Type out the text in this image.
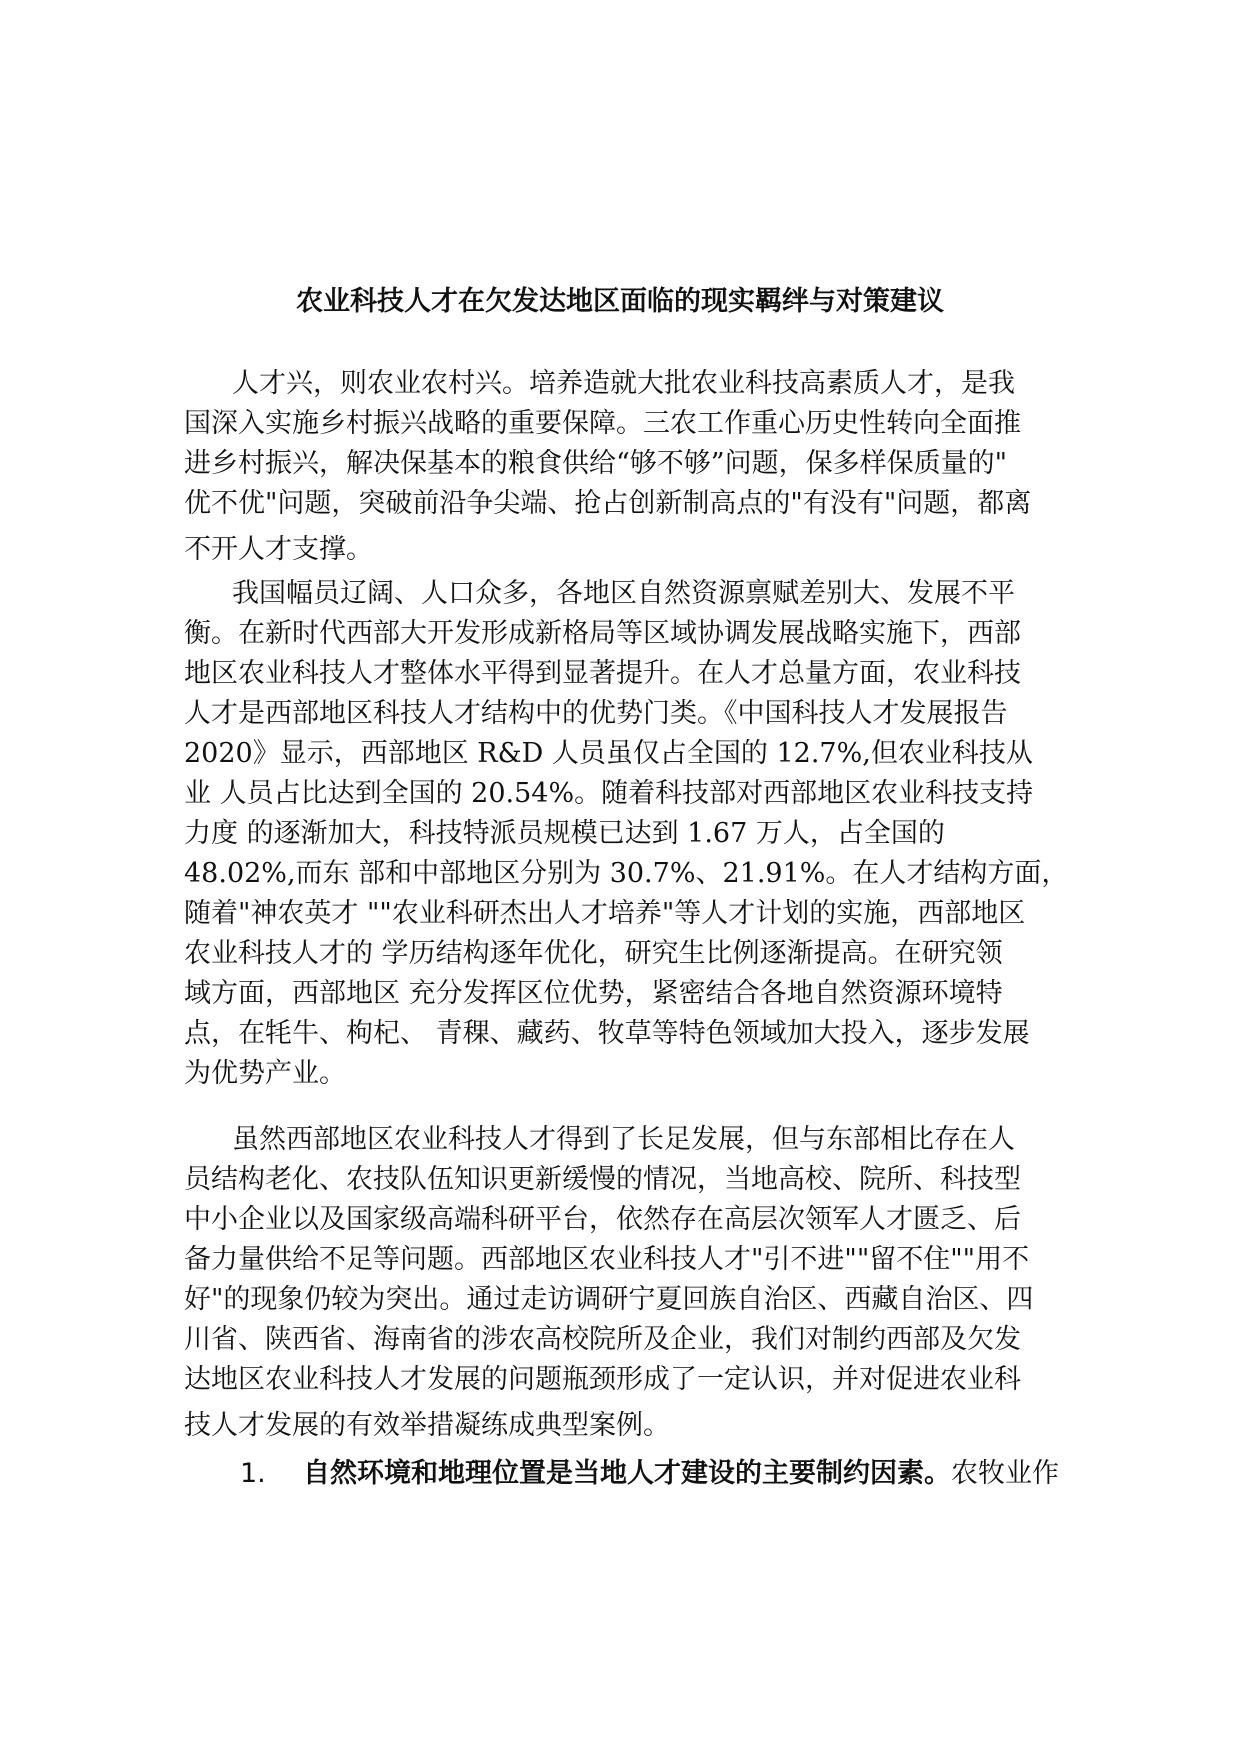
农业科技人才在欠发达地区面临的现实羁绊与对策建议

人才兴，则农业农村兴。培养造就大批农业科技高素质人才，是我

国深入实施乡村振兴战略的重要保障。三农工作重心历史性转向全面推

进乡村振兴，解决保基本的粮食供给“够不够”问题，保多样保质量的"

优不优"问题，突破前沿争尖端、抢占创新制高点的"有没有"问题，都离

不开人才支撑。

我国幅员辽阔、人口众多，各地区自然资源禀赋差别大、发展不平

衡。在新时代西部大开发形成新格局等区域协调发展战略实施下，西部

地区农业科技人才整体水平得到显著提升。在人才总量方面，农业科技

人才是西部地区科技人才结构中的优势门类。《中国科技人才发展报告

2020》显示，西部地区 R&D 人员虽仅占全国的 12.7%,但农业科技从

业 人员占比达到全国的 20.54%。随着科技部对西部地区农业科技支持

力度 的逐渐加大，科技特派员规模已达到 1.67 万人，占全国的

48.02%,而东 部和中部地区分别为 30.7%、21.91%。在人才结构方面，

随着"神农英才 ""农业科研杰出人才培养"等人才计划的实施，西部地区

农业科技人才的 学历结构逐年优化，研究生比例逐渐提高。在研究领

域方面，西部地区 充分发挥区位优势，紧密结合各地自然资源环境特

点，在牦牛、枸杞、 青稞、藏药、牧草等特色领域加大投入，逐步发展

为优势产业。

虽然西部地区农业科技人才得到了长足发展，但与东部相比存在人

员结构老化、农技队伍知识更新缓慢的情况，当地高校、院所、科技型

中小企业以及国家级高端科研平台，依然存在高层次领军人才匮乏、后

备力量供给不足等问题。西部地区农业科技人才"引不进""留不住""用不

好"的现象仍较为突出。通过走访调研宁夏回族自治区、西藏自治区、四

川省、陕西省、海南省的涉农高校院所及企业，我们对制约西部及欠发

达地区农业科技人才发展的问题瓶颈形成了一定认识，并对促进农业科

技人才发展的有效举措凝练成典型案例。

1. 自然环境和地理位置是当地人才建设的主要制约因素。农牧业作
